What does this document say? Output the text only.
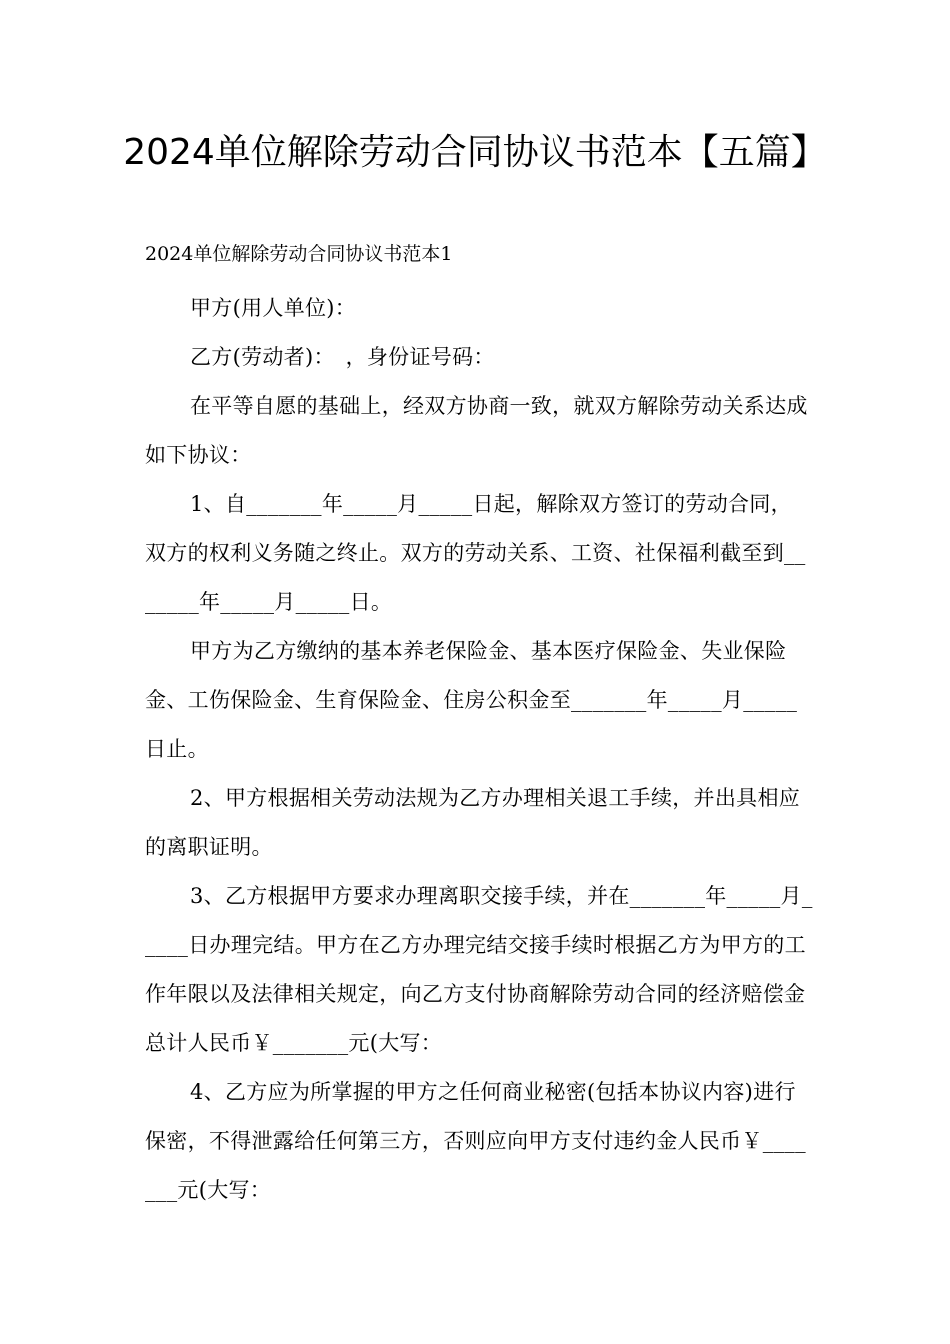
2024单位解除劳动合同协议书范本【五篇】

2024单位解除劳动合同协议书范本1

甲方(用人单位)：

乙方(劳动者)：　，身份证号码：

在平等自愿的基础上，经双方协商一致，就双方解除劳动关系达成如下协议：

1、自_______年_____月_____日起，解除双方签订的劳动合同，双方的权利义务随之终止。双方的劳动关系、工资、社保福利截至到_______年_____月_____日。

甲方为乙方缴纳的基本养老保险金、基本医疗保险金、失业保险金、工伤保险金、生育保险金、住房公积金至_______年_____月_____日止。

2、甲方根据相关劳动法规为乙方办理相关退工手续，并出具相应的离职证明。

3、乙方根据甲方要求办理离职交接手续，并在_______年_____月_____日办理完结。甲方在乙方办理完结交接手续时根据乙方为甲方的工作年限以及法律相关规定，向乙方支付协商解除劳动合同的经济赔偿金总计人民币￥_______元(大写：

4、乙方应为所掌握的甲方之任何商业秘密(包括本协议内容)进行保密，不得泄露给任何第三方，否则应向甲方支付违约金人民币￥_______元(大写：
